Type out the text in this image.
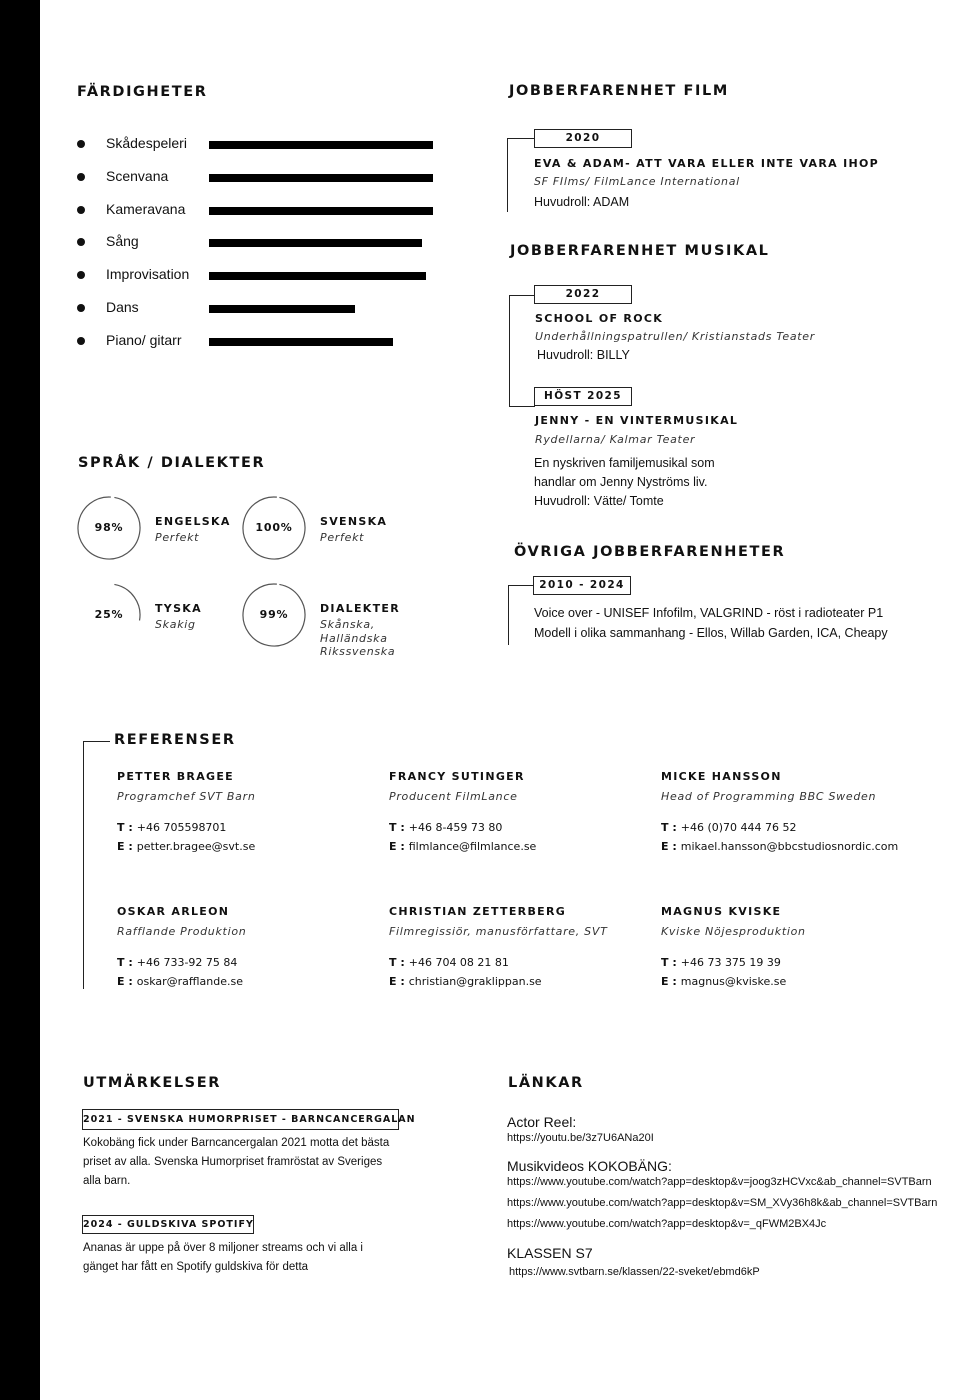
FÄRDIGHETER
Skådespeleri
Scenvana
Kameravana
Sång
Improvisation
Dans
Piano/ gitarr
SPRÅK / DIALEKTER
98%	ENGELSKA
Perfekt
100%	SVENSKA
Perfekt
25%	TYSKA
Skakig
99%	DIALEKTER
Skånska,
Halländska
Rikssvenska
JOBBERFARENHET FILM
2020
EVA & ADAM- ATT VARA ELLER INTE VARA IHOP
SF FIlms/ FilmLance International
Huvudroll: ADAM
JOBBERFARENHET MUSIKAL
2022
SCHOOL OF ROCK
Underhållningspatrullen/ Kristianstads Teater
Huvudroll: BILLY
HÖST 2025
JENNY - EN VINTERMUSIKAL
Rydellarna/ Kalmar Teater
En nyskriven familjemusikal som
handlar om Jenny Nyströms liv.
Huvudroll: Vätte/ Tomte
ÖVRIGA JOBBERFARENHETER
2010 - 2024
Voice over - UNISEF Infofilm, VALGRIND - röst i radioteater P1
Modell i olika sammanhang - Ellos, Willab Garden, ICA, Cheapy
REFERENSER
PETTER BRAGEE
Programchef SVT Barn
T : +46 705598701
E : petter.bragee@svt.se
FRANCY SUTINGER
Producent FilmLance
T : +46 8-459 73 80
E : filmlance@filmlance.se
MICKE HANSSON
Head of Programming BBC Sweden
T : +46 (0)70 444 76 52
E : mikael.hansson@bbcstudiosnordic.com
OSKAR ARLEON
Rafflande Produktion
T : +46 733-92 75 84
E : oskar@rafflande.se
CHRISTIAN ZETTERBERG
Filmregissiör, manusförfattare, SVT
T : +46 704 08 21 81
E : christian@graklippan.se
MAGNUS KVISKE
Kviske Nöjesproduktion
T : +46 73 375 19 39
E : magnus@kviske.se
UTMÄRKELSER
2021 - SVENSKA HUMORPRISET - BARNCANCERGALAN
Kokobäng fick under Barncancergalan 2021 motta det bästa
priset av alla. Svenska Humorpriset framröstat av Sveriges
alla barn.
2024 - GULDSKIVA SPOTIFY
Ananas är uppe på över 8 miljoner streams och vi alla i
gänget har fått en Spotify guldskiva för detta
LÄNKAR
Actor Reel:
https://youtu.be/3z7U6ANa20I
Musikvideos KOKOBÄNG:
https://www.youtube.com/watch?app=desktop&v=joog3zHCVxc&ab_channel=SVTBarn
https://www.youtube.com/watch?app=desktop&v=SM_XVy36h8k&ab_channel=SVTBarn
https://www.youtube.com/watch?app=desktop&v=_qFWM2BX4Jc
KLASSEN S7
https://www.svtbarn.se/klassen/22-sveket/ebmd6kP
